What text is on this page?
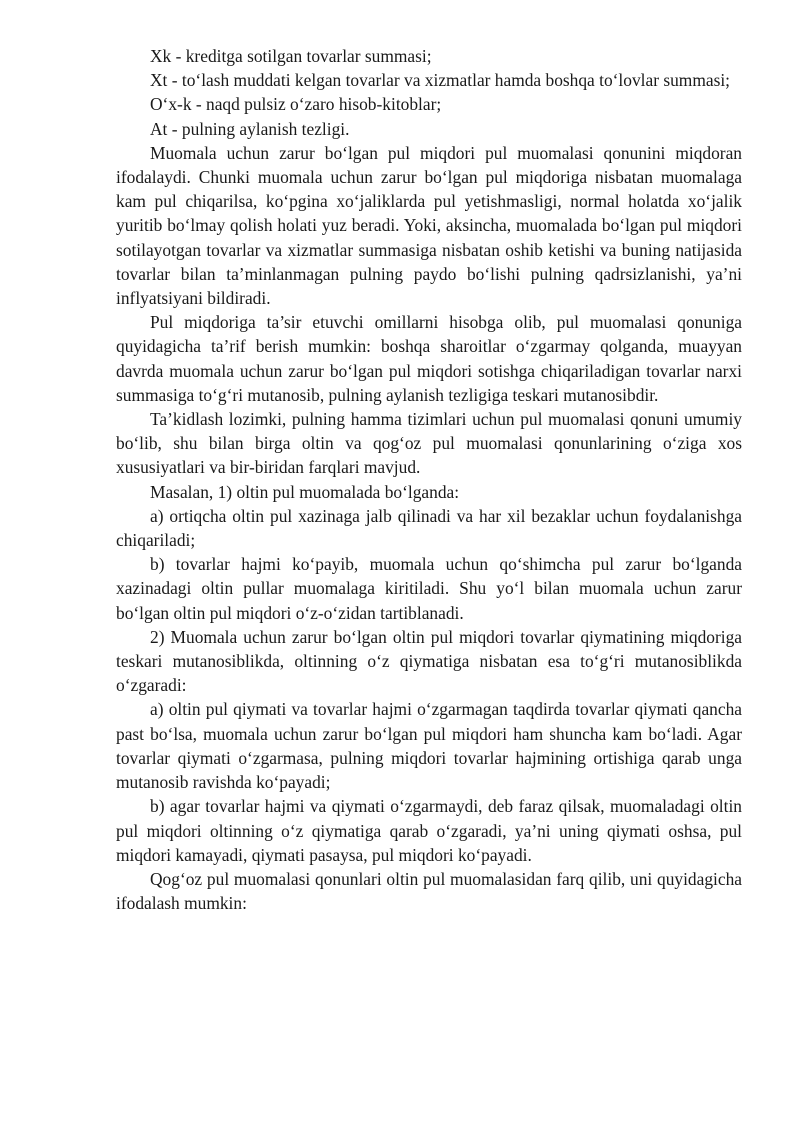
Xk - kreditga sotilgan tovarlar summasi;

Xt - to‘lash muddati kelgan tovarlar va xizmatlar hamda boshqa to‘lovlar summasi;

O‘x-k - naqd pulsiz o‘zaro hisob-kitoblar;

At - pulning aylanish tezligi.

Muomala uchun zarur bo‘lgan pul miqdori pul muomalasi qonunini miqdoran ifodalaydi. Chunki muomala uchun zarur bo‘lgan pul miqdoriga nisbatan muomalaga kam pul chiqarilsa, ko‘pgina xo‘jaliklarda pul yetishmasligi, normal holatda xo‘jalik yuritib bo‘lmay qolish holati yuz beradi. Yoki, aksincha, muomalada bo‘lgan pul miqdori sotilayotgan tovarlar va xizmatlar summasiga nisbatan oshib ketishi va buning natijasida tovarlar bilan ta’minlanmagan pulning paydo bo‘lishi pulning qadrsizlanishi, ya’ni inflyatsiyani bildiradi.

Pul miqdoriga ta’sir etuvchi omillarni hisobga olib, pul muomalasi qonuniga quyidagicha ta’rif berish mumkin: boshqa sharoitlar o‘zgarmay qolganda, muayyan davrda muomala uchun zarur bo‘lgan pul miqdori sotishga chiqariladigan tovarlar narxi summasiga to‘g‘ri mutanosib, pulning aylanish tezligiga teskari mutanosibdir.

Ta’kidlash lozimki, pulning hamma tizimlari uchun pul muomalasi qonuni umumiy bo‘lib, shu bilan birga oltin va qog‘oz pul muomalasi qonunlarining o‘ziga xos xususiyatlari va bir-biridan farqlari mavjud.

Masalan, 1) oltin pul muomalada bo‘lganda:

a) ortiqcha oltin pul xazinaga jalb qilinadi va har xil bezaklar uchun foydalanishga chiqariladi;

b) tovarlar hajmi ko‘payib, muomala uchun qo‘shimcha pul zarur bo‘lganda xazinadagi oltin pullar muomalaga kiritiladi. Shu yo‘l bilan muomala uchun zarur bo‘lgan oltin pul miqdori o‘z-o‘zidan tartiblanadi.

2) Muomala uchun zarur bo‘lgan oltin pul miqdori tovarlar qiymatining miqdoriga teskari mutanosiblikda, oltinning o‘z qiymatiga nisbatan esa to‘g‘ri mutanosiblikda o‘zgaradi:

a) oltin pul qiymati va tovarlar hajmi o‘zgarmagan taqdirda tovarlar qiymati qancha past bo‘lsa, muomala uchun zarur bo‘lgan pul miqdori ham shuncha kam bo‘ladi. Agar tovarlar qiymati o‘zgarmasa, pulning miqdori tovarlar hajmining ortishiga qarab unga mutanosib ravishda ko‘payadi;

b) agar tovarlar hajmi va qiymati o‘zgarmaydi, deb faraz qilsak, muomaladagi oltin pul miqdori oltinning o‘z qiymatiga qarab o‘zgaradi, ya’ni uning qiymati oshsa, pul miqdori kamayadi, qiymati pasaysa, pul miqdori ko‘payadi.

Qog‘oz pul muomalasi qonunlari oltin pul muomalasidan farq qilib, uni quyidagicha ifodalash mumkin:
